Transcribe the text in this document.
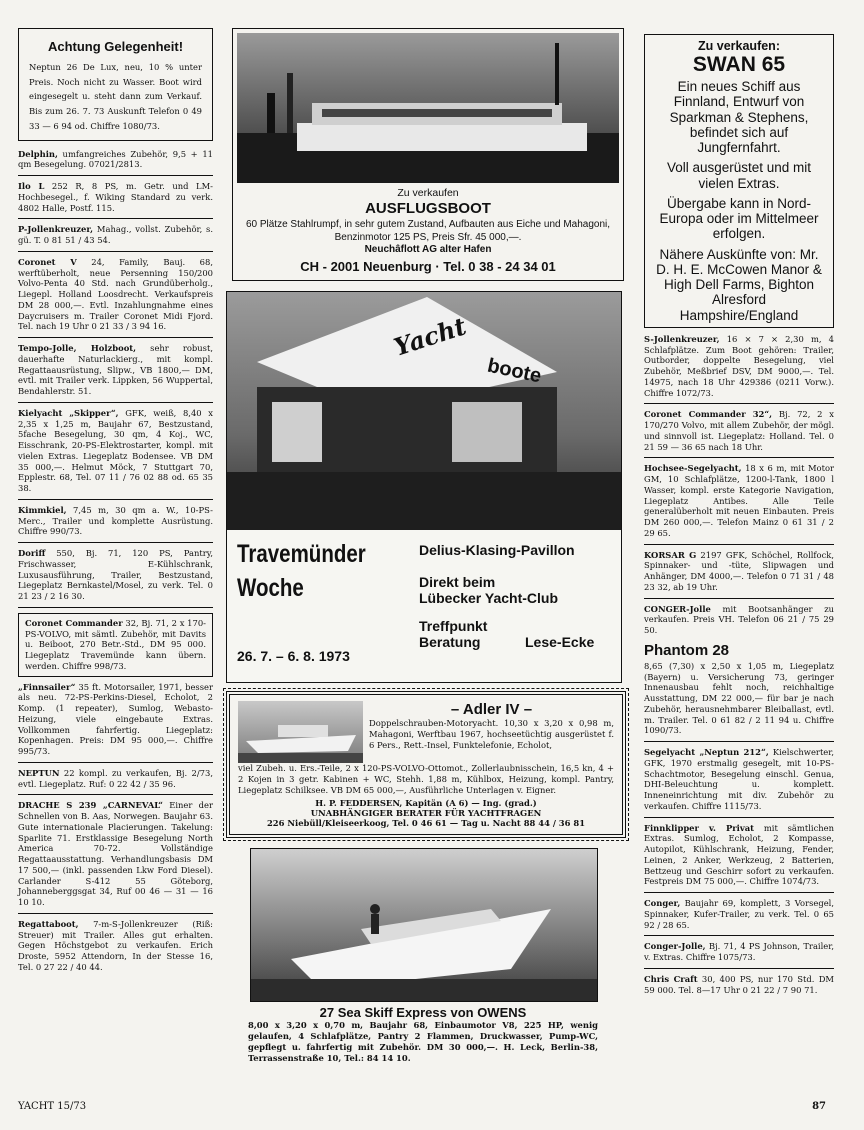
Achtung Gelegenheit!
Neptun 26 De Lux, neu, 10 % unter Preis. Noch nicht zu Wasser. Boot wird eingesegelt u. steht dann zum Verkauf. Bis zum 26. 7. 73 Auskunft Telefon 0 49 33 — 6 94 od. Chiffre 1080/73.
Delphin, umfangreiches Zubehör, 9,5 + 11 qm Besegelung. 07021/2813.
Ilo L 252 R, 8 PS, m. Getr. und LM-Hochbesegel., f. Wiking Standard zu verk. 4802 Halle, Postf. 115.
P-Jollenkreuzer, Mahag., vollst. Zubehör, s. gü. T. 0 81 51 / 43 54.
Coronet V 24, Family, Bauj. 68, werftüberholt, neue Persenning 150/200 Volvo-Penta 40 Std. nach Grundüberholg., Liegepl. Holland Loosdrecht. Verkaufspreis DM 28 000,—. Evtl. Inzahlungnahme eines Daycruisers m. Trailer Coronet Midi Fjord. Tel. nach 19 Uhr 0 21 33 / 3 94 16.
Tempo-Jolle, Holzboot, sehr robust, dauerhafte Naturlackierg., mit kompl. Regattaausrüstung, Slipw., VB 1800,— DM, evtl. mit Trailer verk. Lippken, 56 Wuppertal, Bendahlerstr. 51.
Kielyacht „Skipper“, GFK, weiß, 8,40 x 2,35 x 1,25 m, Baujahr 67, Bestzustand, 5fache Besegelung, 30 qm, 4 Koj., WC, Eisschrank, 20-PS-Elektrostarter, kompl. mit vielen Extras. Liegeplatz Bodensee. VB DM 35 000,—. Helmut Möck, 7 Stuttgart 70, Epplestr. 68, Tel. 07 11 / 76 02 88 od. 65 35 38.
Kimmkiel, 7,45 m, 30 qm a. W., 10-PS-Merc., Trailer und komplette Ausrüstung. Chiffre 990/73.
Doriff 550, Bj. 71, 120 PS, Pantry, Frischwasser, E-Kühlschrank, Luxusausführung, Trailer, Bestzustand, Liegeplatz Bernkastel/Mosel, zu verk. Tel. 0 21 23 / 2 16 30.
Coronet Commander 32, Bj. 71, 2 x 170-PS-VOLVO, mit sämtl. Zubehör, mit Davits u. Beiboot, 270 Betr.-Std., DM 95 000. Liegeplatz Travemünde kann übern. werden. Chiffre 998/73.
„Finnsailer“ 35 ft. Motorsailer, 1971, besser als neu. 72-PS-Perkins-Diesel, Echolot, 2 Komp. (1 repeater), Sumlog, Webasto-Heizung, viele eingebaute Extras. Vollkommen fahrfertig. Liegeplatz: Kopenhagen. Preis: DM 95 000,—. Chiffre 995/73.
NEPTUN 22 kompl. zu verkaufen, Bj. 2/73, evtl. Liegeplatz. Ruf: 0 22 42 / 35 96.
DRACHE S 239 „CARNEVAL“ Einer der Schnellen von B. Aas, Norwegen. Baujahr 63. Gute internationale Placierungen. Takelung: Sparlite 71. Erstklassige Besegelung North America 70-72. Vollständige Regattaausstattung. Verhandlungsbasis DM 17 500,— (inkl. passenden Lkw Ford Diesel). Carlander S-412 55 Göteborg, Johanneberggsgat 34, Ruf 00 46 — 31 — 16 10 10.
Regattaboot, 7-m-S-Jollenkreuzer (Riß: Streuer) mit Trailer. Alles gut erhalten. Gegen Höchstgebot zu verkaufen. Erich Droste, 5952 Attendorn, In der Stesse 16, Tel. 0 27 22 / 40 44.
Zu verkaufen
AUSFLUGSBOOT
60 Plätze Stahlrumpf, in sehr gutem Zustand, Aufbauten aus Eiche und Mahagoni, Benzinmotor 125 PS, Preis Sfr. 45 000,—.
Neuchâflott AG alter Hafen
CH - 2001 Neuenburg · Tel. 0 38 - 24 34 01
Yacht
boote
Travemünder
Woche
26. 7. – 6. 8. 1973
Delius-Klasing-Pavillon
Direkt beim
Lübecker Yacht-Club
Treffpunkt
Beratung	Lese-Ecke
– Adler IV –
Doppelschrauben-Motoryacht. 10,30 x 3,20 x 0,98 m, Mahagoni, Werftbau 1967, hochseetüchtig ausgerüstet f. 6 Pers., Rett.-Insel, Funktelefonie, Echolot,
viel Zubeh. u. Ers.-Teile, 2 x 120-PS-VOLVO-Ottomot., Zollerlaubnisschein, 16,5 kn, 4 + 2 Kojen in 3 getr. Kabinen + WC, Stehh. 1,88 m, Kühlbox, Heizung, kompl. Pantry, Liegeplatz Schilksee. VB DM 65 000,—, Ausführliche Unterlagen v. Eigner.
H. P. FEDDERSEN, Kapitän (A 6) — Ing. (grad.)
UNABHÄNGIGER BERATER FÜR YACHTFRAGEN
226 Niebüll/Kleiseerkoog, Tel. 0 46 61 — Tag u. Nacht 88 44 / 36 81
27 Sea Skiff Express von OWENS
8,00 x 3,20 x 0,70 m, Baujahr 68, Einbaumotor V8, 225 HP, wenig gelaufen, 4 Schlafplätze, Pantry 2 Flammen, Druckwasser, Pump-WC, gepflegt u. fahrfertig mit Zubehör. DM 30 000,—. H. Leck, Berlin-38, Terrassenstraße 10, Tel.: 84 14 10.
Zu verkaufen:
SWAN 65

Ein neues Schiff aus Finnland, Entwurf von Sparkman & Stephens, befindet sich auf Jungfernfahrt.

Voll ausgerüstet und mit vielen Extras.

Übergabe kann in Nord-Europa oder im Mittelmeer erfolgen.

Nähere Auskünfte von: Mr. D. H. E. McCowen Manor & High Dell Farms, Bighton Alresford Hampshire/England

S-Jollenkreuzer, 16 × 7 × 2,30 m, 4 Schlafplätze. Zum Boot gehören: Trailer, Outborder, doppelte Besegelung, viel Zubehör, Meßbrief DSV, DM 9000,—. Tel. 14975, nach 18 Uhr 429386 (0211 Vorw.). Chiffre 1072/73.
Coronet Commander 32“, Bj. 72, 2 x 170/270 Volvo, mit allem Zubehör, der mögl. und sinnvoll ist. Liegeplatz: Holland. Tel. 0 21 59 — 36 65 nach 18 Uhr.
Hochsee-Segelyacht, 18 x 6 m, mit Motor GM, 10 Schlafplätze, 1200-l-Tank, 1800 l Wasser, kompl. erste Kategorie Navigation, Liegeplatz Antibes. Alle Teile generalüberholt mit neuen Einbauten. Preis DM 260 000,—. Telefon Mainz 0 61 31 / 2 29 65.
KORSAR G 2197 GFK, Schöchel, Rollfock, Spinnaker- und -tüte, Slipwagen und Anhänger, DM 4000,—. Telefon 0 71 31 / 48 23 32, ab 19 Uhr.
CONGER-Jolle mit Bootsanhänger zu verkaufen. Preis VH. Telefon 06 21 / 75 29 50.
Phantom 28
8,65 (7,30) x 2,50 x 1,05 m, Liegeplatz (Bayern) u. Versicherung 73, geringer Innenausbau fehlt noch, reichhaltige Ausstattung, DM 22 000,— für bar je nach Zubehör, herausnehmbarer Bleiballast, evtl. m. Trailer. Tel. 0 61 82 / 2 11 94 u. Chiffre 1090/73.
Segelyacht „Neptun 212“, Kielschwerter, GFK, 1970 erstmalig gesegelt, mit 10-PS-Schachtmotor, Besegelung einschl. Genua, DHI-Beleuchtung u. komplett. Inneneinrichtung mit div. Zubehör zu verkaufen. Chiffre 1115/73.
Finnklipper v. Privat mit sämtlichen Extras. Sumlog, Echolot, 2 Kompasse, Autopilot, Kühlschrank, Heizung, Fender, Leinen, 2 Anker, Werkzeug, 2 Batterien, Bettzeug und Geschirr sofort zu verkaufen. Festpreis DM 75 000,—. Chiffre 1074/73.
Conger, Baujahr 69, komplett, 3 Vorsegel, Spinnaker, Kufer-Trailer, zu verk. Tel. 0 65 92 / 28 65.
Conger-Jolle, Bj. 71, 4 PS Johnson, Trailer, v. Extras. Chiffre 1075/73.
Chris Craft 30, 400 PS, nur 170 Std. DM 59 000. Tel. 8—17 Uhr 0 21 22 / 7 90 71.
YACHT 15/73	87
